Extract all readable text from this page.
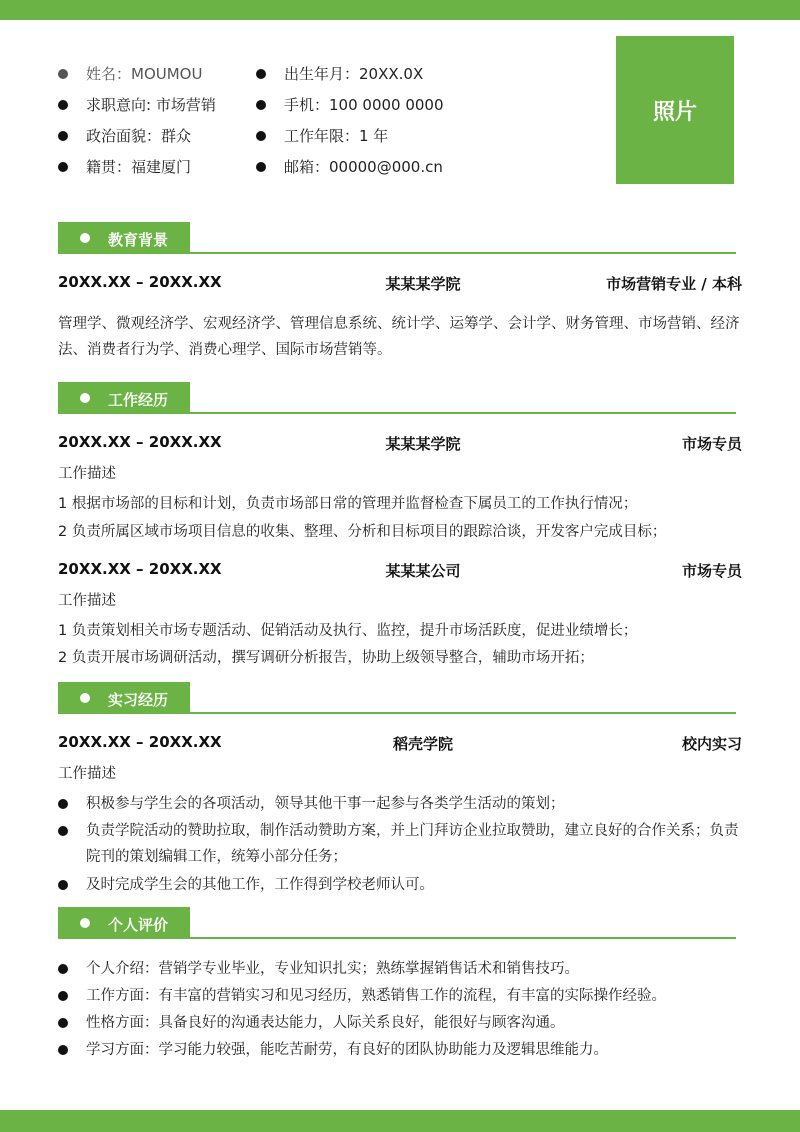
姓名：MOUMOU	出生年月：20XX.0X
求职意向: 市场营销	手机：100 0000 0000
政治面貌：群众	工作年限：1 年
籍贯：福建厦门	邮箱：00000@000.cn
照片
教育背景
20XX.XX – 20XX.XX	某某某学院	市场营销专业 / 本科
管理学、微观经济学、宏观经济学、管理信息系统、统计学、运筹学、会计学、财务管理、市场营销、经济法、消费者行为学、消费心理学、国际市场营销等。
工作经历
20XX.XX – 20XX.XX	某某某学院	市场专员
工作描述
1 根据市场部的目标和计划，负责市场部日常的管理并监督检查下属员工的工作执行情况；
2 负责所属区域市场项目信息的收集、整理、分析和目标项目的跟踪洽谈，开发客户完成目标；
20XX.XX – 20XX.XX	某某某公司	市场专员
工作描述
1 负责策划相关市场专题活动、促销活动及执行、监控，提升市场活跃度，促进业绩增长；
2 负责开展市场调研活动，撰写调研分析报告，协助上级领导整合，辅助市场开拓；
实习经历
20XX.XX – 20XX.XX	稻壳学院	校内实习
工作描述
积极参与学生会的各项活动，领导其他干事一起参与各类学生活动的策划；
负责学院活动的赞助拉取，制作活动赞助方案，并上门拜访企业拉取赞助，建立良好的合作关系；负责院刊的策划编辑工作，统筹小部分任务；
及时完成学生会的其他工作，工作得到学校老师认可。
个人评价
个人介绍：营销学专业毕业，专业知识扎实；熟练掌握销售话术和销售技巧。
工作方面：有丰富的营销实习和见习经历，熟悉销售工作的流程，有丰富的实际操作经验。
性格方面：具备良好的沟通表达能力，人际关系良好，能很好与顾客沟通。
学习方面：学习能力较强，能吃苦耐劳，有良好的团队协助能力及逻辑思维能力。
